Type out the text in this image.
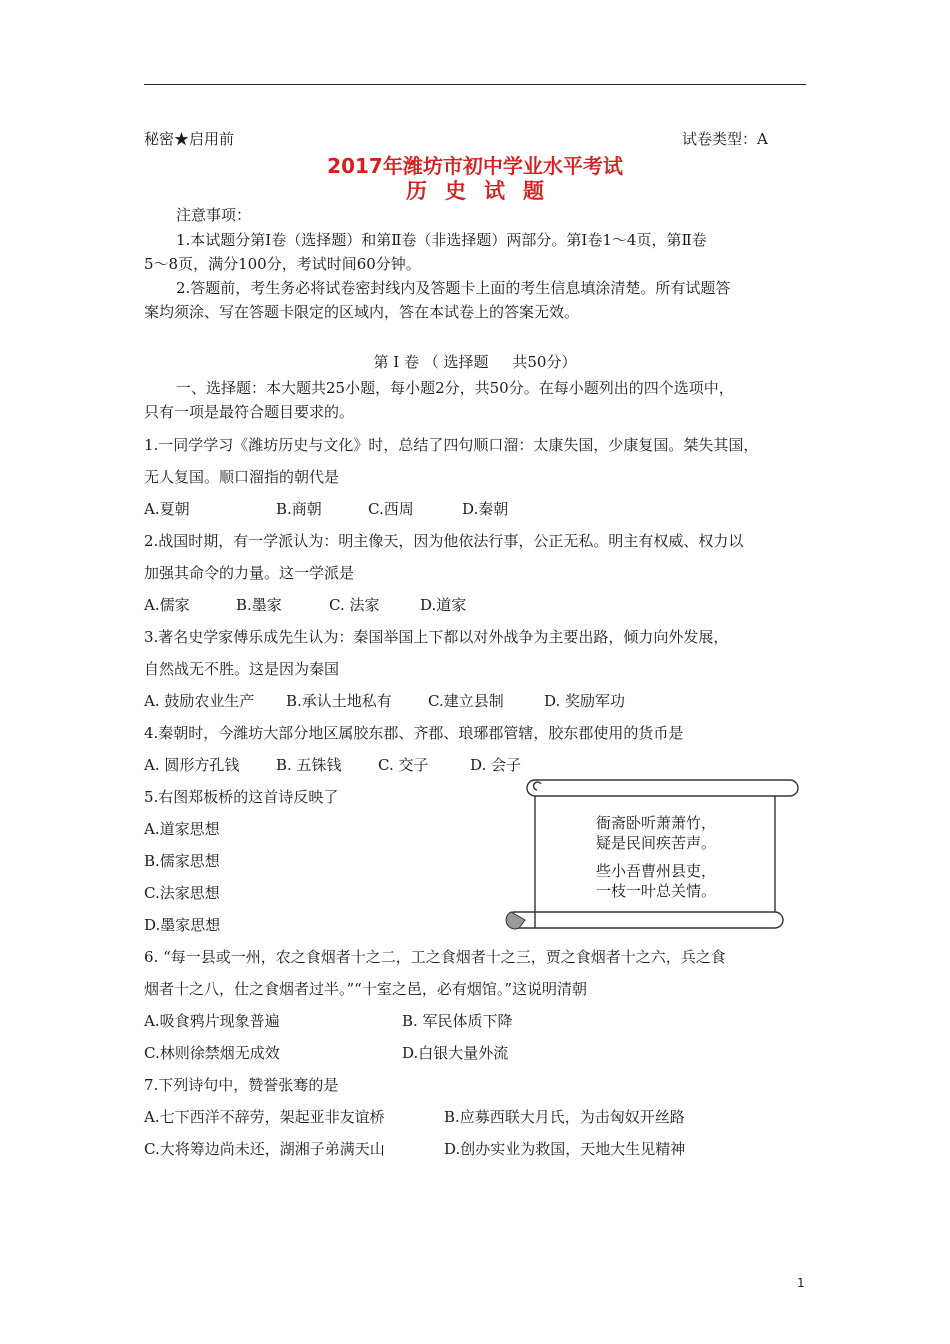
秘密★启用前	试卷类型：A
2017年潍坊市初中学业水平考试
历史试题
注意事项：
1.本试题分第Ⅰ卷（选择题）和第Ⅱ卷（非选择题）两部分。第Ⅰ卷1～4页，第Ⅱ卷
5～8页，满分100分，考试时间60分钟。
2.答题前，考生务必将试卷密封线内及答题卡上面的考生信息填涂清楚。所有试题答
案均须涂、写在答题卡限定的区域内，答在本试卷上的答案无效。
第 Ⅰ 卷 （ 选择题     共50分）
一、选择题：本大题共25小题，每小题2分，共50分。在每小题列出的四个选项中，
只有一项是最符合题目要求的。
1.一同学学习《潍坊历史与文化》时，总结了四句顺口溜：太康失国，少康复国。桀失其国，
无人复国。顺口溜指的朝代是
A.夏朝	B.商朝	C.西周	D.秦朝
2.战国时期，有一学派认为：明主像天，因为他依法行事，公正无私。明主有权威、权力以
加强其命令的力量。这一学派是
A.儒家	B.墨家	C. 法家	D.道家
3.著名史学家傅乐成先生认为：秦国举国上下都以对外战争为主要出路，倾力向外发展，
自然战无不胜。这是因为秦国
A. 鼓励农业生产 B.承认土地私有 C.建立县制	D. 奖励军功
4.秦朝时，今潍坊大部分地区属胶东郡、齐郡、琅琊郡管辖，胶东郡使用的货币是
A. 圆形方孔钱 B. 五铢钱 C. 交子	D. 会子
5.右图郑板桥的这首诗反映了
A.道家思想
B.儒家思想
C.法家思想
D.墨家思想
衙斋卧听萧萧竹，
疑是民间疾苦声。
些小吾曹州县吏，
一枝一叶总关情。
6. “每一县或一州，农之食烟者十之二，工之食烟者十之三，贾之食烟者十之六，兵之食
烟者十之八，仕之食烟者过半。”“十室之邑，必有烟馆。”这说明清朝
A.吸食鸦片现象普遍	B. 军民体质下降
C.林则徐禁烟无成效	D.白银大量外流
7.下列诗句中，赞誉张骞的是
A.七下西洋不辞劳，架起亚非友谊桥	B.应募西联大月氏，为击匈奴开丝路
C.大将筹边尚未还，湖湘子弟满天山	D.创办实业为救国，天地大生见精神
1
